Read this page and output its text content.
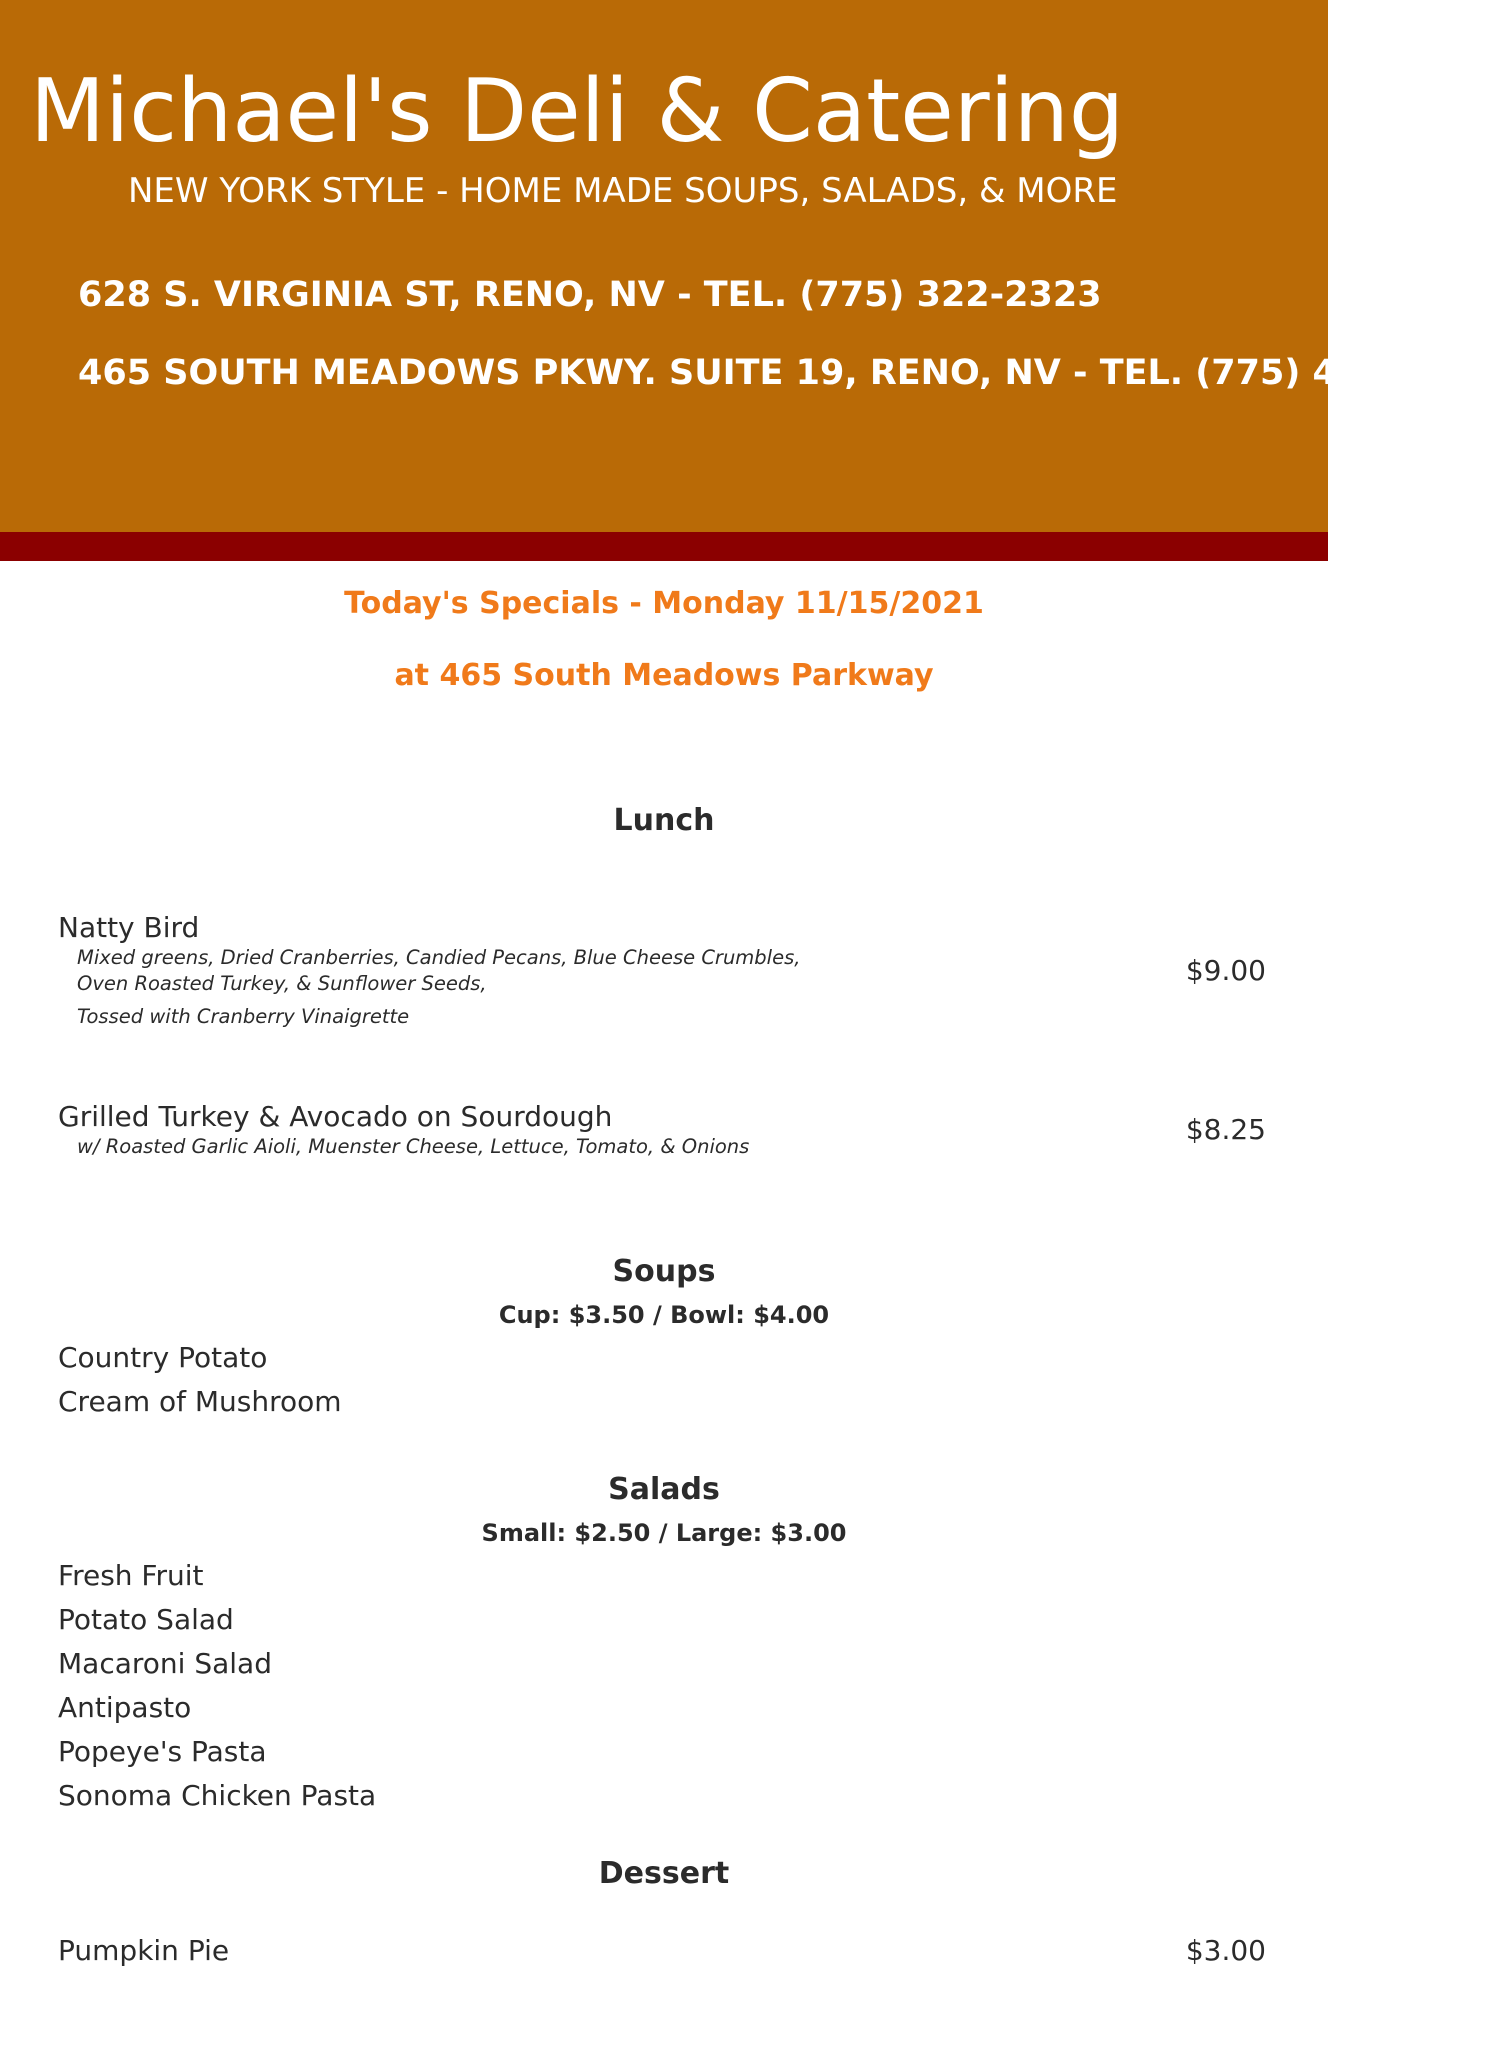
Michael's Deli & Catering
NEW YORK STYLE - HOME MADE SOUPS, SALADS, & MORE
628 S. VIRGINIA ST, RENO, NV - TEL. (775) 322-2323
465 SOUTH MEADOWS PKWY. SUITE 19, RENO, NV - TEL. (775) 440-1088
Today's Specials - Monday 11/15/2021
at 465 South Meadows Parkway
Lunch
Natty Bird
Mixed greens, Dried Cranberries, Candied Pecans, Blue Cheese Crumbles,
Oven Roasted Turkey, & Sunflower Seeds,
Tossed with Cranberry Vinaigrette
$9.00
Grilled Turkey & Avocado on Sourdough
w/ Roasted Garlic Aioli, Muenster Cheese, Lettuce, Tomato, & Onions
$8.25
Soups
Cup: $3.50 / Bowl: $4.00
Country Potato
Cream of Mushroom
Salads
Small: $2.50 / Large: $3.00
Fresh Fruit
Potato Salad
Macaroni Salad
Antipasto
Popeye's Pasta
Sonoma Chicken Pasta
Dessert
Pumpkin Pie	$3.00
